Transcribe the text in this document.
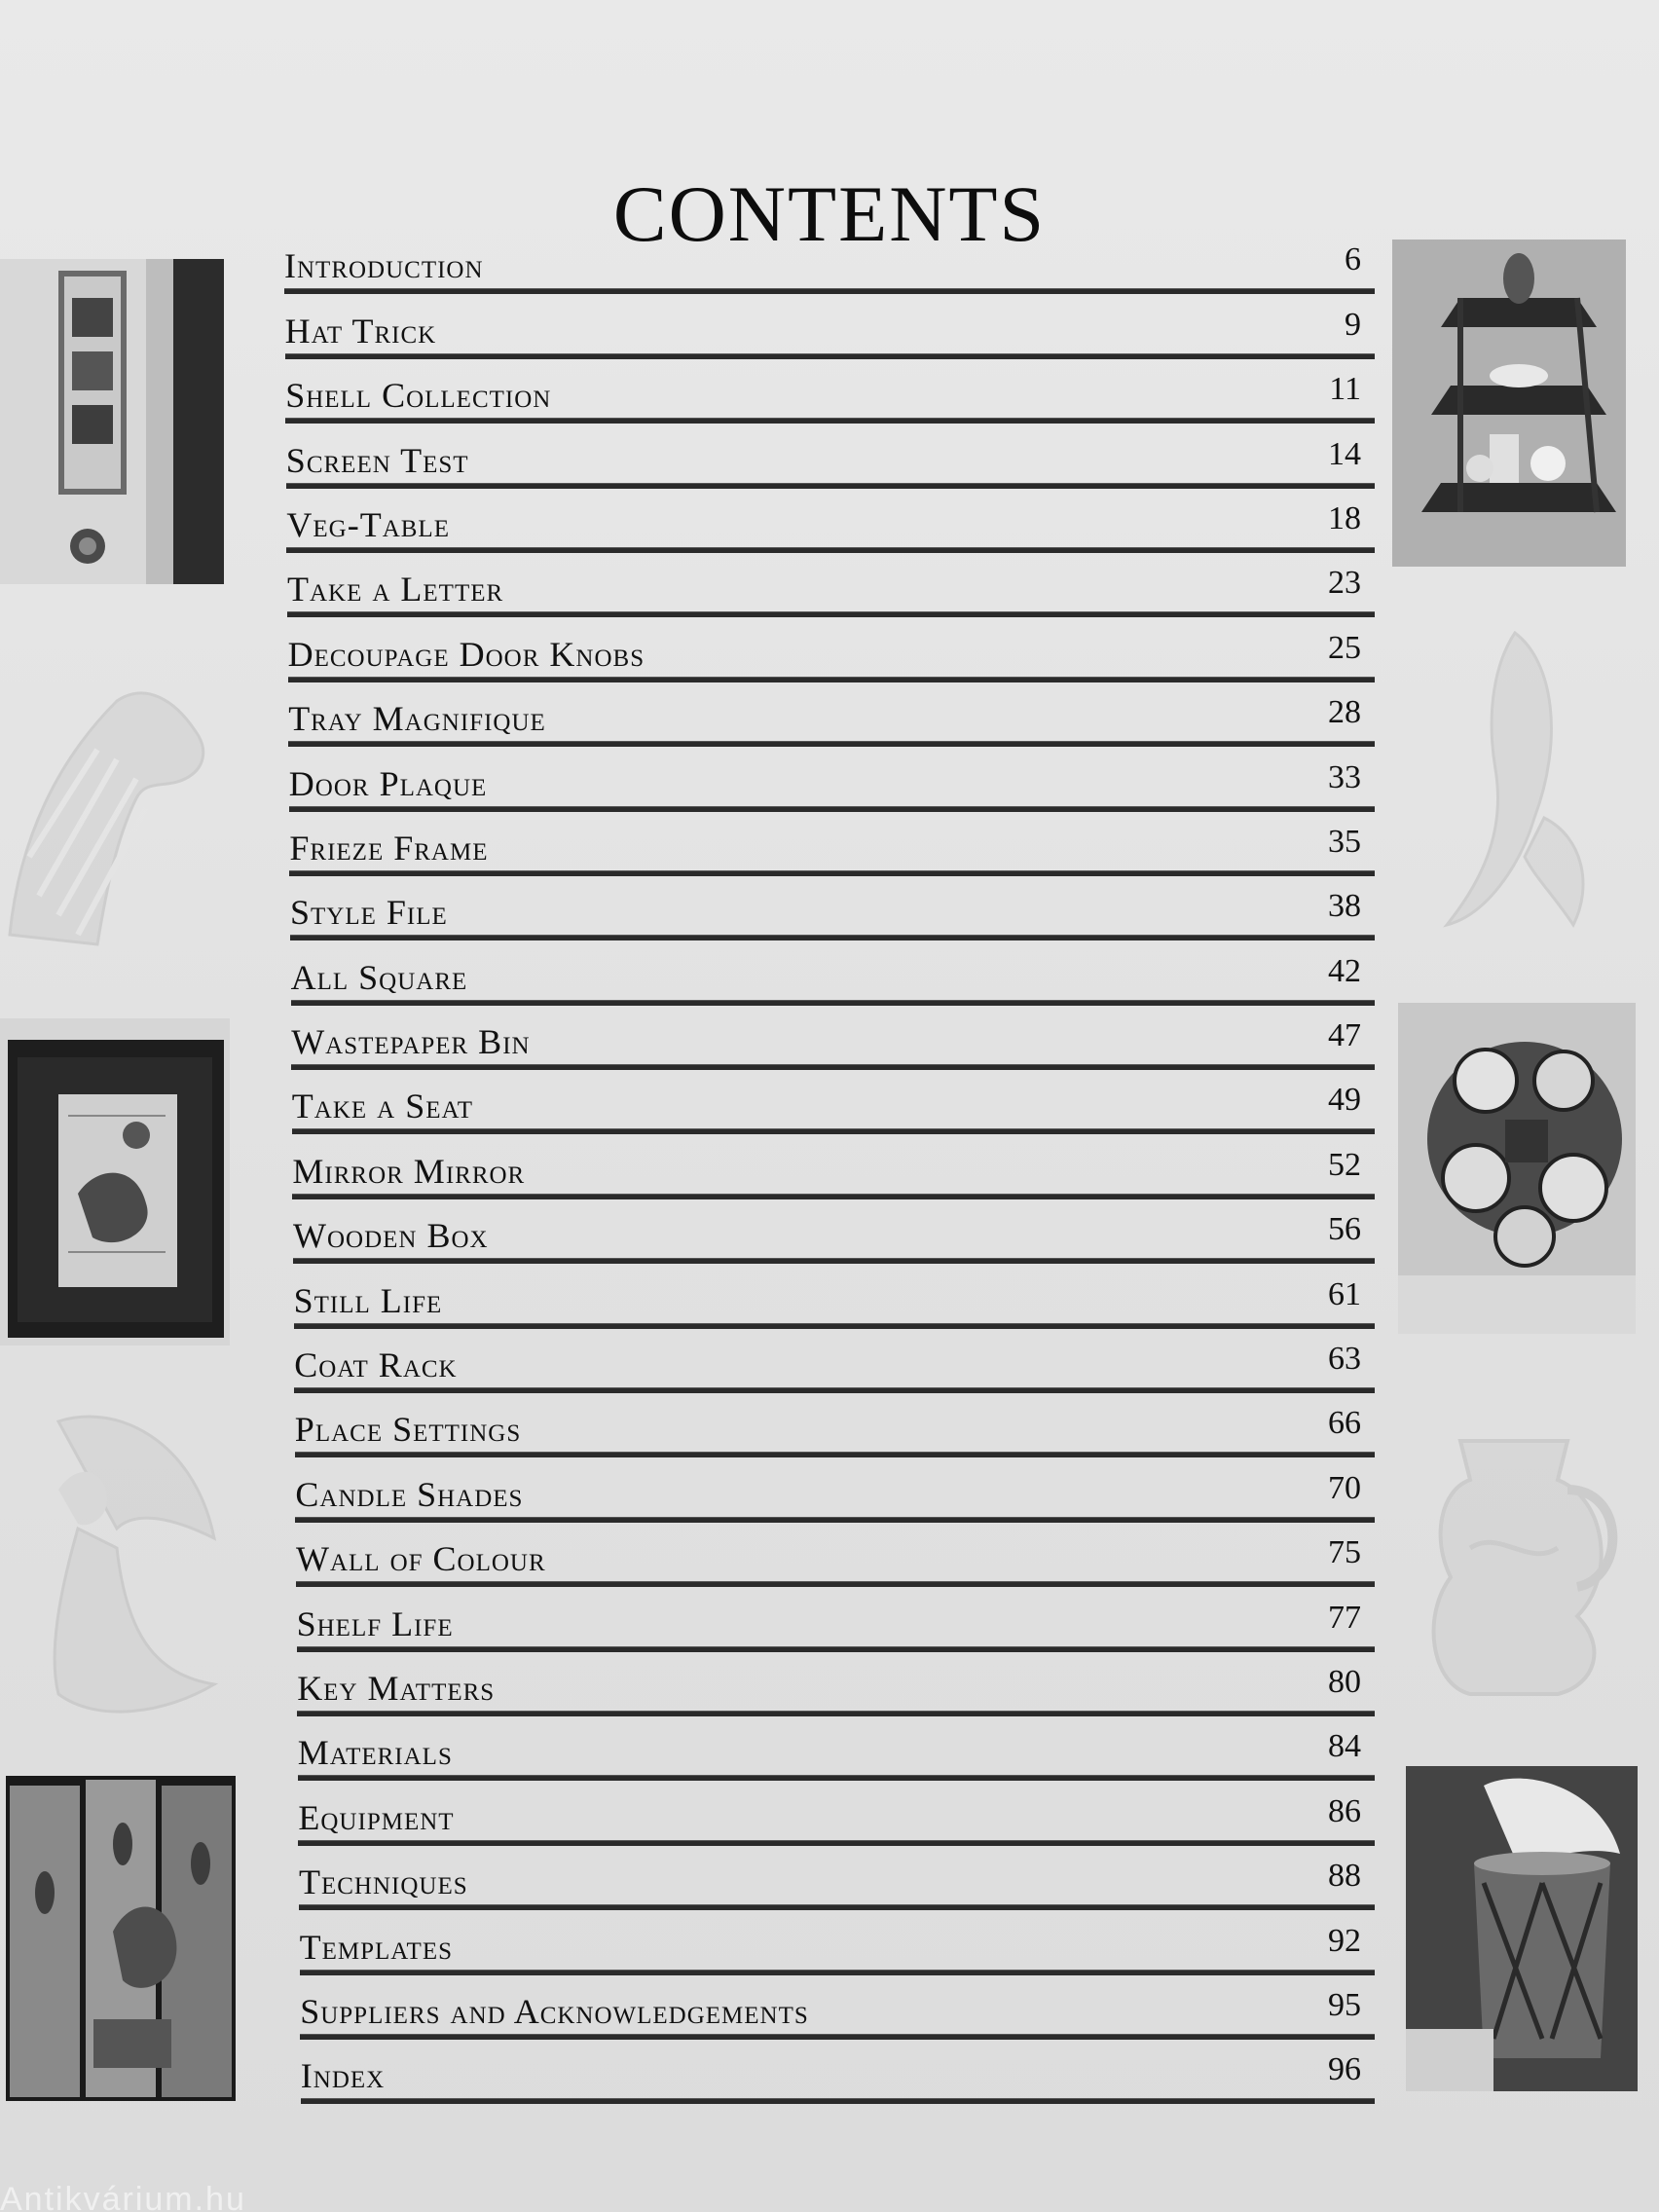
CONTENTS
Introduction	6
Hat Trick	9
Shell Collection	11
Screen Test	14
Veg-Table	18
Take a Letter	23
Decoupage Door Knobs	25
Tray Magnifique	28
Door Plaque	33
Frieze Frame	35
Style File	38
All Square	42
Wastepaper Bin	47
Take a Seat	49
Mirror Mirror	52
Wooden Box	56
Still Life	61
Coat Rack	63
Place Settings	66
Candle Shades	70
Wall of Colour	75
Shelf Life	77
Key Matters	80
Materials	84
Equipment	86
Techniques	88
Templates	92
Suppliers and Acknowledgements	95
Index	96
Antikvárium.hu
